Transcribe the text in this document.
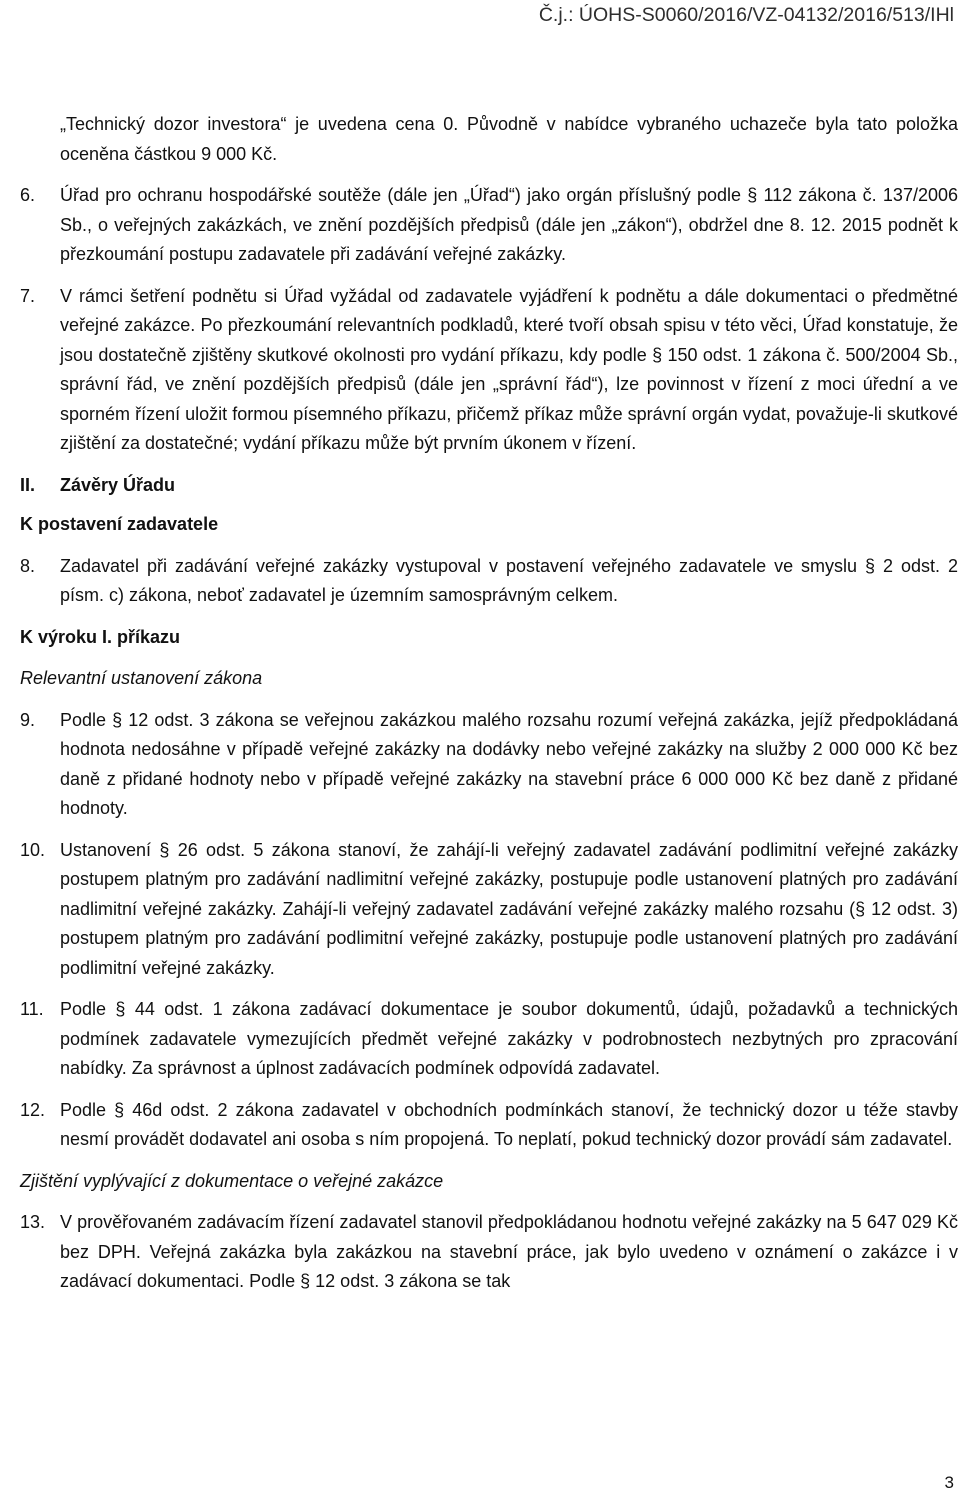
Č.j.: ÚOHS-S0060/2016/VZ-04132/2016/513/IHl

„Technický dozor investora“ je uvedena cena 0. Původně v nabídce vybraného uchazeče byla tato položka oceněna částkou 9 000 Kč.

6.	Úřad pro ochranu hospodářské soutěže (dále jen „Úřad“) jako orgán příslušný podle § 112 zákona č. 137/2006 Sb., o veřejných zakázkách, ve znění pozdějších předpisů (dále jen „zákon“), obdržel dne 8. 12. 2015 podnět k přezkoumání postupu zadavatele při zadávání veřejné zakázky.
7.	V rámci šetření podnětu si Úřad vyžádal od zadavatele vyjádření k podnětu a dále dokumentaci o předmětné veřejné zakázce. Po přezkoumání relevantních podkladů, které tvoří obsah spisu v této věci, Úřad konstatuje, že jsou dostatečně zjištěny skutkové okolnosti pro vydání příkazu, kdy podle § 150 odst. 1 zákona č. 500/2004 Sb., správní řád, ve znění pozdějších předpisů (dále jen „správní řád“), lze povinnost v řízení z moci úřední a ve sporném řízení uložit formou písemného příkazu, přičemž příkaz může správní orgán vydat, považuje-li skutkové zjištění za dostatečné; vydání příkazu může být prvním úkonem v řízení.
II.	Závěry Úřadu
K postavení zadavatele
8.	Zadavatel při zadávání veřejné zakázky vystupoval v postavení veřejného zadavatele ve smyslu § 2 odst. 2 písm. c) zákona, neboť zadavatel je územním samosprávným celkem.
K výroku I. příkazu
Relevantní ustanovení zákona
9.	Podle § 12 odst. 3 zákona se veřejnou zakázkou malého rozsahu rozumí veřejná zakázka, jejíž předpokládaná hodnota nedosáhne v případě veřejné zakázky na dodávky nebo veřejné zakázky na služby 2 000 000 Kč bez daně z přidané hodnoty nebo v případě veřejné zakázky na stavební práce 6 000 000 Kč bez daně z přidané hodnoty.
10. Ustanovení § 26 odst. 5 zákona stanoví, že zahájí-li veřejný zadavatel zadávání podlimitní veřejné zakázky postupem platným pro zadávání nadlimitní veřejné zakázky, postupuje podle ustanovení platných pro zadávání nadlimitní veřejné zakázky. Zahájí-li veřejný zadavatel zadávání veřejné zakázky malého rozsahu (§ 12 odst. 3) postupem platným pro zadávání podlimitní veřejné zakázky, postupuje podle ustanovení platných pro zadávání podlimitní veřejné zakázky.
11. Podle § 44 odst. 1 zákona zadávací dokumentace je soubor dokumentů, údajů, požadavků a technických podmínek zadavatele vymezujících předmět veřejné zakázky v podrobnostech nezbytných pro zpracování nabídky. Za správnost a úplnost zadávacích podmínek odpovídá zadavatel.
12. Podle § 46d odst. 2 zákona zadavatel v obchodních podmínkách stanoví, že technický dozor u téže stavby nesmí provádět dodavatel ani osoba s ním propojená. To neplatí, pokud technický dozor provádí sám zadavatel.
Zjištění vyplývající z dokumentace o veřejné zakázce
13. V prověřovaném zadávacím řízení zadavatel stanovil předpokládanou hodnotu veřejné zakázky na 5 647 029 Kč bez DPH. Veřejná zakázka byla zakázkou na stavební práce, jak bylo uvedeno v oznámení o zakázce i v zadávací dokumentaci. Podle § 12 odst. 3 zákona se tak
3
